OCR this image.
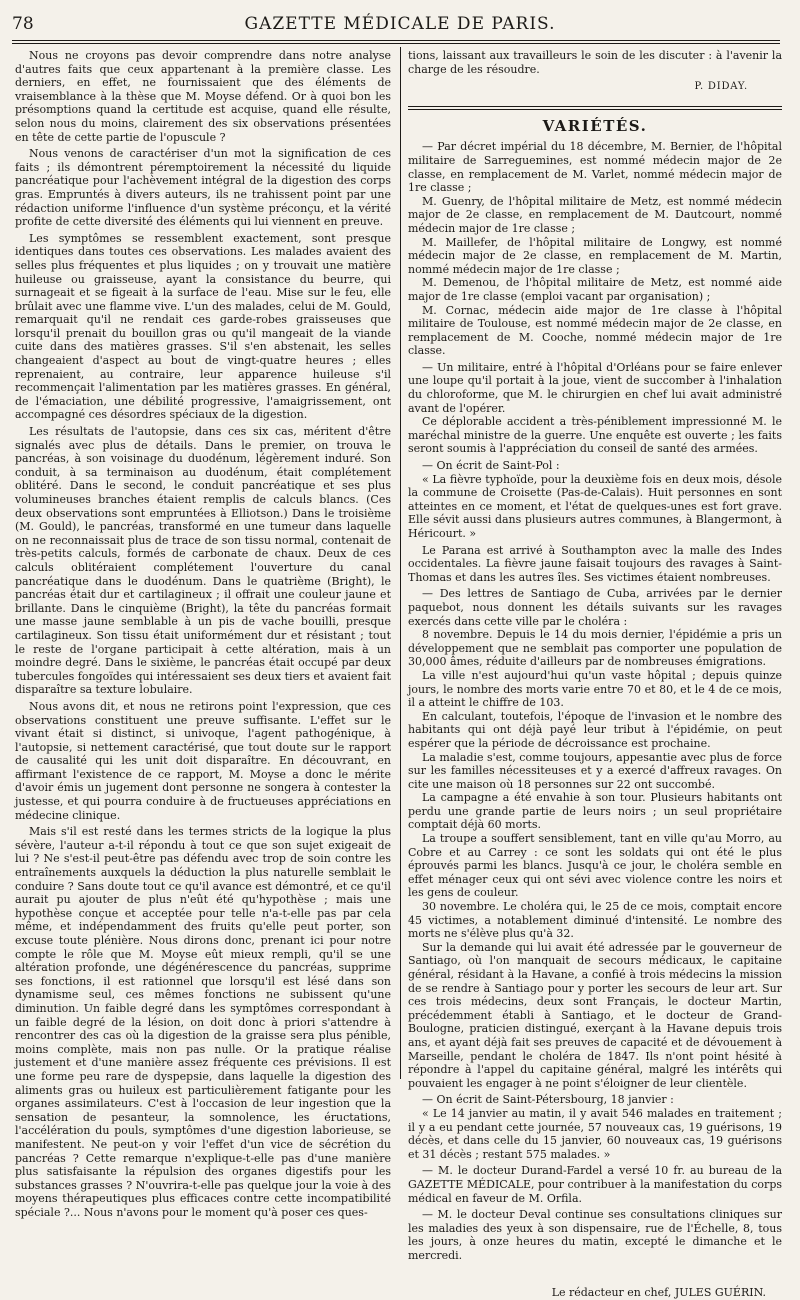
78	GAZETTE MÉDICALE DE PARIS.

Nous ne croyons pas devoir comprendre dans notre analyse d'autres faits que ceux appartenant à la première classe. Les derniers, en effet, ne fournissaient que des éléments de vraisemblance à la thèse que M. Moyse défend. Or à quoi bon les présomptions quand la certitude est acquise, quand elle résulte, selon nous du moins, clairement des six observations présentées en tête de cette partie de l'opuscule ?

Nous venons de caractériser d'un mot la signification de ces faits ; ils démontrent péremptoirement la nécessité du liquide pancréatique pour l'achèvement intégral de la digestion des corps gras. Empruntés à divers auteurs, ils ne trahissent point par une rédaction uniforme l'influence d'un système préconçu, et la vérité profite de cette diversité des éléments qui lui viennent en preuve.

Les symptômes se ressemblent exactement, sont presque identiques dans toutes ces observations. Les malades avaient des selles plus fréquentes et plus liquides ; on y trouvait une matière huileuse ou graisseuse, ayant la consistance du beurre, qui surnageait et se figeait à la surface de l'eau. Mise sur le feu, elle brûlait avec une flamme vive. L'un des malades, celui de M. Gould, remarquait qu'il ne rendait ces garde-robes graisseuses que lorsqu'il prenait du bouillon gras ou qu'il mangeait de la viande cuite dans des matières grasses. S'il s'en abstenait, les selles changeaient d'aspect au bout de vingt-quatre heures ; elles reprenaient, au contraire, leur apparence huileuse s'il recommençait l'alimentation par les matières grasses. En général, de l'émaciation, une débilité progressive, l'amaigrissement, ont accompagné ces désordres spéciaux de la digestion.

Les résultats de l'autopsie, dans ces six cas, méritent d'être signalés avec plus de détails. Dans le premier, on trouva le pancréas, à son voisinage du duodénum, légèrement induré. Son conduit, à sa terminaison au duodénum, était complétement oblitéré. Dans le second, le conduit pancréatique et ses plus volumineuses branches étaient remplis de calculs blancs. (Ces deux observations sont empruntées à Elliotson.) Dans le troisième (M. Gould), le pancréas, transformé en une tumeur dans laquelle on ne reconnaissait plus de trace de son tissu normal, contenait de très-petits calculs, formés de carbonate de chaux. Deux de ces calculs oblitéraient complétement l'ouverture du canal pancréatique dans le duodénum. Dans le quatrième (Bright), le pancréas était dur et cartilagineux ; il offrait une couleur jaune et brillante. Dans le cinquième (Bright), la tête du pancréas formait une masse jaune semblable à un pis de vache bouilli, presque cartilagineux. Son tissu était uniformément dur et résistant ; tout le reste de l'organe participait à cette altération, mais à un moindre degré. Dans le sixième, le pancréas était occupé par deux tubercules fongoïdes qui intéressaient ses deux tiers et avaient fait disparaître sa texture lobulaire.

Nous avons dit, et nous ne retirons point l'expression, que ces observations constituent une preuve suffisante. L'effet sur le vivant était si distinct, si univoque, l'agent pathogénique, à l'autopsie, si nettement caractérisé, que tout doute sur le rapport de causalité qui les unit doit disparaître. En découvrant, en affirmant l'existence de ce rapport, M. Moyse a donc le mérite d'avoir émis un jugement dont personne ne songera à contester la justesse, et qui pourra conduire à de fructueuses appréciations en médecine clinique.

Mais s'il est resté dans les termes stricts de la logique la plus sévère, l'auteur a-t-il répondu à tout ce que son sujet exigeait de lui ? Ne s'est-il peut-être pas défendu avec trop de soin contre les entraînements auxquels la déduction la plus naturelle semblait le conduire ? Sans doute tout ce qu'il avance est démontré, et ce qu'il aurait pu ajouter de plus n'eût été qu'hypothèse ; mais une hypothèse conçue et acceptée pour telle n'a-t-elle pas par cela même, et indépendamment des fruits qu'elle peut porter, son excuse toute plénière. Nous dirons donc, prenant ici pour notre compte le rôle que M. Moyse eût mieux rempli, qu'il se une altération profonde, une dégénérescence du pancréas, supprime ses fonctions, il est rationnel que lorsqu'il est lésé dans son dynamisme seul, ces mêmes fonctions ne subissent qu'une diminution. Un faible degré dans les symptômes correspondant à un faible degré de la lésion, on doit donc à priori s'attendre à rencontrer des cas où la digestion de la graisse sera plus pénible, moins complète, mais non pas nulle. Or la pratique réalise justement et d'une manière assez fréquente ces prévisions. Il est une forme peu rare de dyspepsie, dans laquelle la digestion des aliments gras ou huileux est particulièrement fatigante pour les organes assimilateurs. C'est à l'occasion de leur ingestion que la sensation de pesanteur, la somnolence, les éructations, l'accélération du pouls, symptômes d'une digestion laborieuse, se manifestent. Ne peut-on y voir l'effet d'un vice de sécrétion du pancréas ? Cette remarque n'explique-t-elle pas d'une manière plus satisfaisante la répulsion des organes digestifs pour les substances grasses ? N'ouvrira-t-elle pas quelque jour la voie à des moyens thérapeutiques plus efficaces contre cette incompatibilité spéciale ?... Nous n'avons pour le moment qu'à poser ces ques-

tions, laissant aux travailleurs le soin de les discuter : à l'avenir la charge de les résoudre.

P. DIDAY.
VARIÉTÉS.

— Par décret impérial du 18 décembre, M. Bernier, de l'hôpital militaire de Sarreguemines, est nommé médecin major de 2e classe, en remplacement de M. Varlet, nommé médecin major de 1re classe ;

M. Guenry, de l'hôpital militaire de Metz, est nommé médecin major de 2e classe, en remplacement de M. Dautcourt, nommé médecin major de 1re classe ;

M. Maillefer, de l'hôpital militaire de Longwy, est nommé médecin major de 2e classe, en remplacement de M. Martin, nommé médecin major de 1re classe ;

M. Demenou, de l'hôpital militaire de Metz, est nommé aide major de 1re classe (emploi vacant par organisation) ;

M. Cornac, médecin aide major de 1re classe à l'hôpital militaire de Toulouse, est nommé médecin major de 2e classe, en remplacement de M. Cooche, nommé médecin major de 1re classe.

— Un militaire, entré à l'hôpital d'Orléans pour se faire enlever une loupe qu'il portait à la joue, vient de succomber à l'inhalation du chloroforme, que M. le chirurgien en chef lui avait administré avant de l'opérer.

Ce déplorable accident a très-péniblement impressionné M. le maréchal ministre de la guerre. Une enquête est ouverte ; les faits seront soumis à l'appréciation du conseil de santé des armées.

— On écrit de Saint-Pol :

« La fièvre typhoïde, pour la deuxième fois en deux mois, désole la commune de Croisette (Pas-de-Calais). Huit personnes en sont atteintes en ce moment, et l'état de quelques-unes est fort grave. Elle sévit aussi dans plusieurs autres communes, à Blangermont, à Héricourt. »

Le Parana est arrivé à Southampton avec la malle des Indes occidentales. La fièvre jaune faisait toujours des ravages à Saint-Thomas et dans les autres îles. Ses victimes étaient nombreuses.

— Des lettres de Santiago de Cuba, arrivées par le dernier paquebot, nous donnent les détails suivants sur les ravages exercés dans cette ville par le choléra :

8 novembre. Depuis le 14 du mois dernier, l'épidémie a pris un développement que ne semblait pas comporter une population de 30,000 âmes, réduite d'ailleurs par de nombreuses émigrations.

La ville n'est aujourd'hui qu'un vaste hôpital ; depuis quinze jours, le nombre des morts varie entre 70 et 80, et le 4 de ce mois, il a atteint le chiffre de 103.

En calculant, toutefois, l'époque de l'invasion et le nombre des habitants qui ont déjà payé leur tribut à l'épidémie, on peut espérer que la période de décroissance est prochaine.

La maladie s'est, comme toujours, appesantie avec plus de force sur les familles nécessiteuses et y a exercé d'affreux ravages. On cite une maison où 18 personnes sur 22 ont succombé.

La campagne a été envahie à son tour. Plusieurs habitants ont perdu une grande partie de leurs noirs ; un seul propriétaire comptait déjà 60 morts.

La troupe a souffert sensiblement, tant en ville qu'au Morro, au Cobre et au Carrey : ce sont les soldats qui ont été le plus éprouvés parmi les blancs. Jusqu'à ce jour, le choléra semble en effet ménager ceux qui ont sévi avec violence contre les noirs et les gens de couleur.

30 novembre. Le choléra qui, le 25 de ce mois, comptait encore 45 victimes, a notablement diminué d'intensité. Le nombre des morts ne s'élève plus qu'à 32.

Sur la demande qui lui avait été adressée par le gouverneur de Santiago, où l'on manquait de secours médicaux, le capitaine général, résidant à la Havane, a confié à trois médecins la mission de se rendre à Santiago pour y porter les secours de leur art. Sur ces trois médecins, deux sont Français, le docteur Martin, précédemment établi à Santiago, et le docteur de Grand-Boulogne, praticien distingué, exerçant à la Havane depuis trois ans, et ayant déjà fait ses preuves de capacité et de dévouement à Marseille, pendant le choléra de 1847. Ils n'ont point hésité à répondre à l'appel du capitaine général, malgré les intérêts qui pouvaient les engager à ne point s'éloigner de leur clientèle.

— On écrit de Saint-Pétersbourg, 18 janvier :

« Le 14 janvier au matin, il y avait 546 malades en traitement ; il y a eu pendant cette journée, 57 nouveaux cas, 19 guérisons, 19 décès, et dans celle du 15 janvier, 60 nouveaux cas, 19 guérisons et 31 décès ; restant 575 malades. »

— M. le docteur Durand-Fardel a versé 10 fr. au bureau de la GAZETTE MÉDICALE, pour contribuer à la manifestation du corps médical en faveur de M. Orfila.

— M. le docteur Deval continue ses consultations cliniques sur les maladies des yeux à son dispensaire, rue de l'Échelle, 8, tous les jours, à onze heures du matin, excepté le dimanche et le mercredi.

Le rédacteur en chef, JULES GUÉRIN.
